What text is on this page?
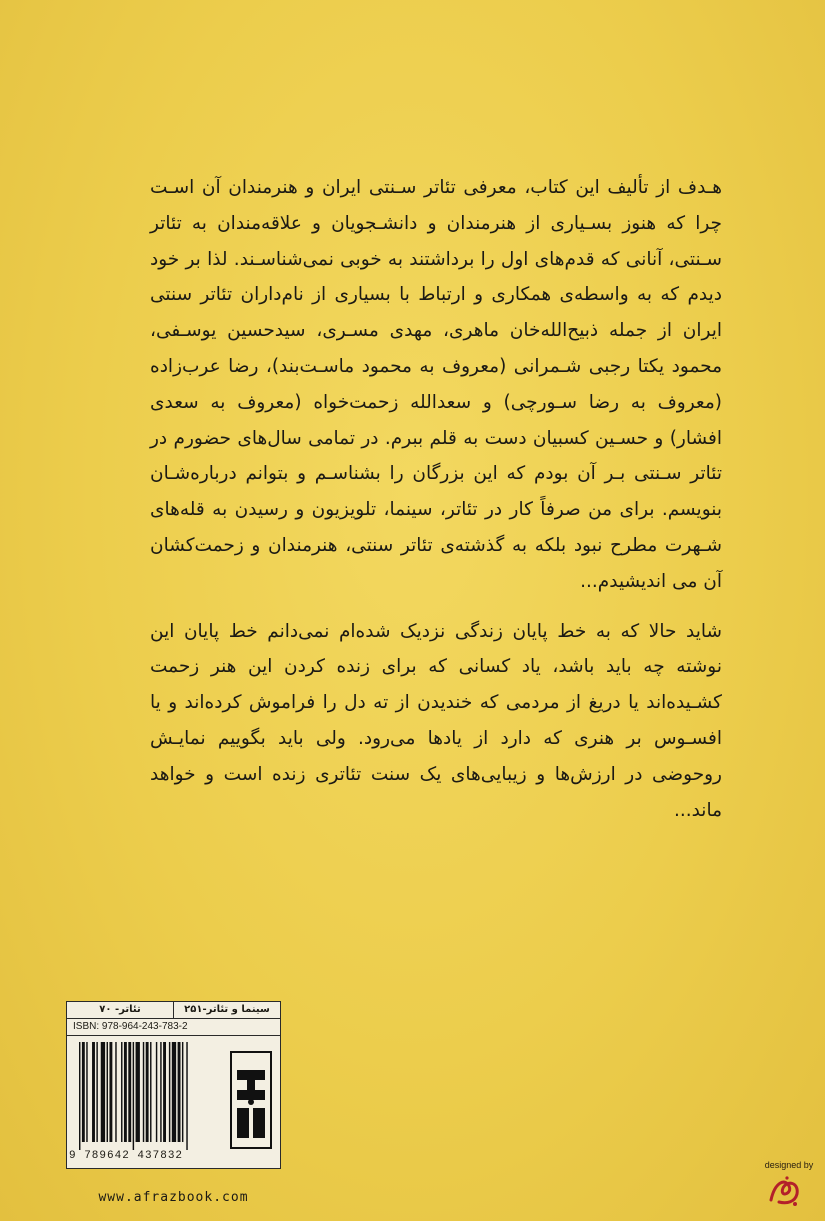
هـدف از تألیف این کتاب، معرفی تئاتر سـنتی ایران و هنرمندان آن اسـت چرا که هنوز بسـیاری از هنرمندان و دانشـجویان و علاقه‌مندان به تئاتر سـنتی، آنانی که قدم‌های اول را برداشتند به خوبی نمی‌شناسـند. لذا بر خود دیدم که به واسطه‌ی همکاری و ارتباط با بسیاری از نام‌داران تئاتر سنتی ایران از جمله ذبیح‌الله‌خان ماهری، مهدی مسـری، سیدحسین یوسـفی، محمود یکتا رجبی شـمرانی (معروف به محمود ماسـت‌بند)، رضا عرب‌زاده (معروف به رضا سـورچی) و سعدالله زحمت‌خواه (معروف به سعدی افشار) و حسـین کسبیان دست به قلم ببرم. در تمامی سال‌های حضورم در تئاتر سـنتی بـر آن بودم که این بزرگان را بشناسـم و بتوانم درباره‌شـان بنویسم. برای من صرفاً کار در تئاتر، سینما، تلویزیون و رسیدن به قله‌های شـهرت مطرح نبود بلکه به گذشته‌ی تئاتر سنتی، هنرمندان و زحمت‌کشان آن می اندیشیدم...

شاید حالا که به خط پایان زندگی نزدیک شده‌ام نمی‌دانم خط پایان این نوشته چه باید باشد، یاد کسانی که برای زنده کردن این هنر زحمت کشـیده‌اند یا دریغ از مردمی که خندیدن از ته دل را فراموش کرده‌اند و یا افسـوس بر هنری که دارد از یادها می‌رود. ولی باید بگوییم نمایـش روحوضی در ارزش‌ها و زیبایی‌های یک سنت تئاتری زنده است و خواهد ماند...

سینما و تئاتر-۲۵۱
تئاتر- ۷۰
ISBN: 978-964-243-783-2
9 789642 437832
www.afrazbook.com
designed by
